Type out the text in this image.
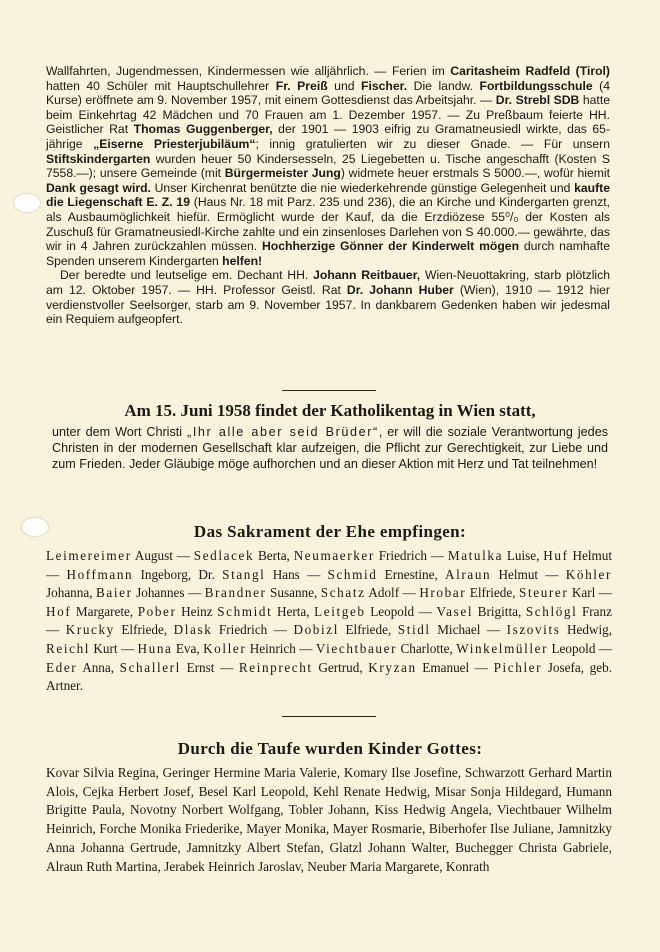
Wallfahrten, Jugendmessen, Kindermessen wie alljährlich. — Ferien im Caritasheim Radfeld (Tirol) hatten 40 Schüler mit Hauptschullehrer Fr. Preiß und Fischer. Die landw. Fortbildungsschule (4 Kurse) eröffnete am 9. November 1957, mit einem Gottesdienst das Arbeitsjahr. — Dr. Strebl SDB hatte beim Einkehrtag 42 Mädchen und 70 Frauen am 1. Dezember 1957. — Zu Preßbaum feierte HH. Geistlicher Rat Thomas Guggenberger, der 1901 — 1903 eifrig zu Gramatneusiedl wirkte, das 65-jährige „Eiserne Priesterjubiläum“; innig gratulierten wir zu dieser Gnade. — Für unsern Stiftskindergarten wurden heuer 50 Kindersesseln, 25 Liegebetten u. Tische angeschafft (Kosten S 7558.—); unsere Gemeinde (mit Bürgermeister Jung) widmete heuer erstmals S 5000.—, wofür hiemit Dank gesagt wird. Unser Kirchenrat benützte die nie wiederkehrende günstige Gelegenheit und kaufte die Liegenschaft E. Z. 19 (Haus Nr. 18 mit Parz. 235 und 236), die an Kirche und Kindergarten grenzt, als Ausbaumöglichkeit hiefür. Ermöglicht wurde der Kauf, da die Erzdiözese 55⁰/₀ der Kosten als Zuschuß für Gramatneusiedl-Kirche zahlte und ein zinsenloses Darlehen von S 40.000.— gewährte, das wir in 4 Jahren zurückzahlen müssen. Hochherzige Gönner der Kinderwelt mögen durch namhafte Spenden unserem Kindergarten helfen!

Der beredte und leutselige em. Dechant HH. Johann Reitbauer, Wien-Neuottakring, starb plötzlich am 12. Oktober 1957. — HH. Professor Geistl. Rat Dr. Johann Huber (Wien), 1910 — 1912 hier verdienstvoller Seelsorger, starb am 9. November 1957. In dankbarem Gedenken haben wir jedesmal ein Requiem aufgeopfert.

Am 15. Juni 1958 findet der Katholikentag in Wien statt,

unter dem Wort Christi „Ihr alle aber seid Brüder“, er will die soziale Verantwortung jedes Christen in der modernen Gesellschaft klar aufzeigen, die Pflicht zur Gerechtigkeit, zur Liebe und zum Frieden. Jeder Gläubige möge aufhorchen und an dieser Aktion mit Herz und Tat teilnehmen!

Das Sakrament der Ehe empfingen:

Leimereimer August — Sedlacek Berta, Neumaerker Friedrich — Matulka Luise, Huf Helmut — Hoffmann Ingeborg, Dr. Stangl Hans — Schmid Ernestine, Alraun Helmut — Köhler Johanna, Baier Johannes — Brandner Susanne, Schatz Adolf — Hrobar Elfriede, Steurer Karl — Hof Margarete, Pober Heinz Schmidt Herta, Leitgeb Leopold — Vasel Brigitta, Schlögl Franz — Krucky Elfriede, Dlask Friedrich — Dobizl Elfriede, Stidl Michael — Iszovits Hedwig, Reichl Kurt — Huna Eva, Koller Heinrich — Viechtbauer Charlotte, Winkelmüller Leopold — Eder Anna, Schallerl Ernst — Reinprecht Gertrud, Kryzan Emanuel — Pichler Josefa, geb. Artner.

Durch die Taufe wurden Kinder Gottes:

Kovar Silvia Regina, Geringer Hermine Maria Valerie, Komary Ilse Josefine, Schwarzott Gerhard Martin Alois, Cejka Herbert Josef, Besel Karl Leopold, Kehl Renate Hedwig, Misar Sonja Hildegard, Humann Brigitte Paula, Novotny Norbert Wolfgang, Tobler Johann, Kiss Hedwig Angela, Viechtbauer Wilhelm Heinrich, Forche Monika Friederike, Mayer Monika, Mayer Rosmarie, Biberhofer Ilse Juliane, Jamnitzky Anna Johanna Gertrude, Jamnitzky Albert Stefan, Glatzl Johann Walter, Buchegger Christa Gabriele, Alraun Ruth Martina, Jerabek Heinrich Jaroslav, Neuber Maria Margarete, Konrath
